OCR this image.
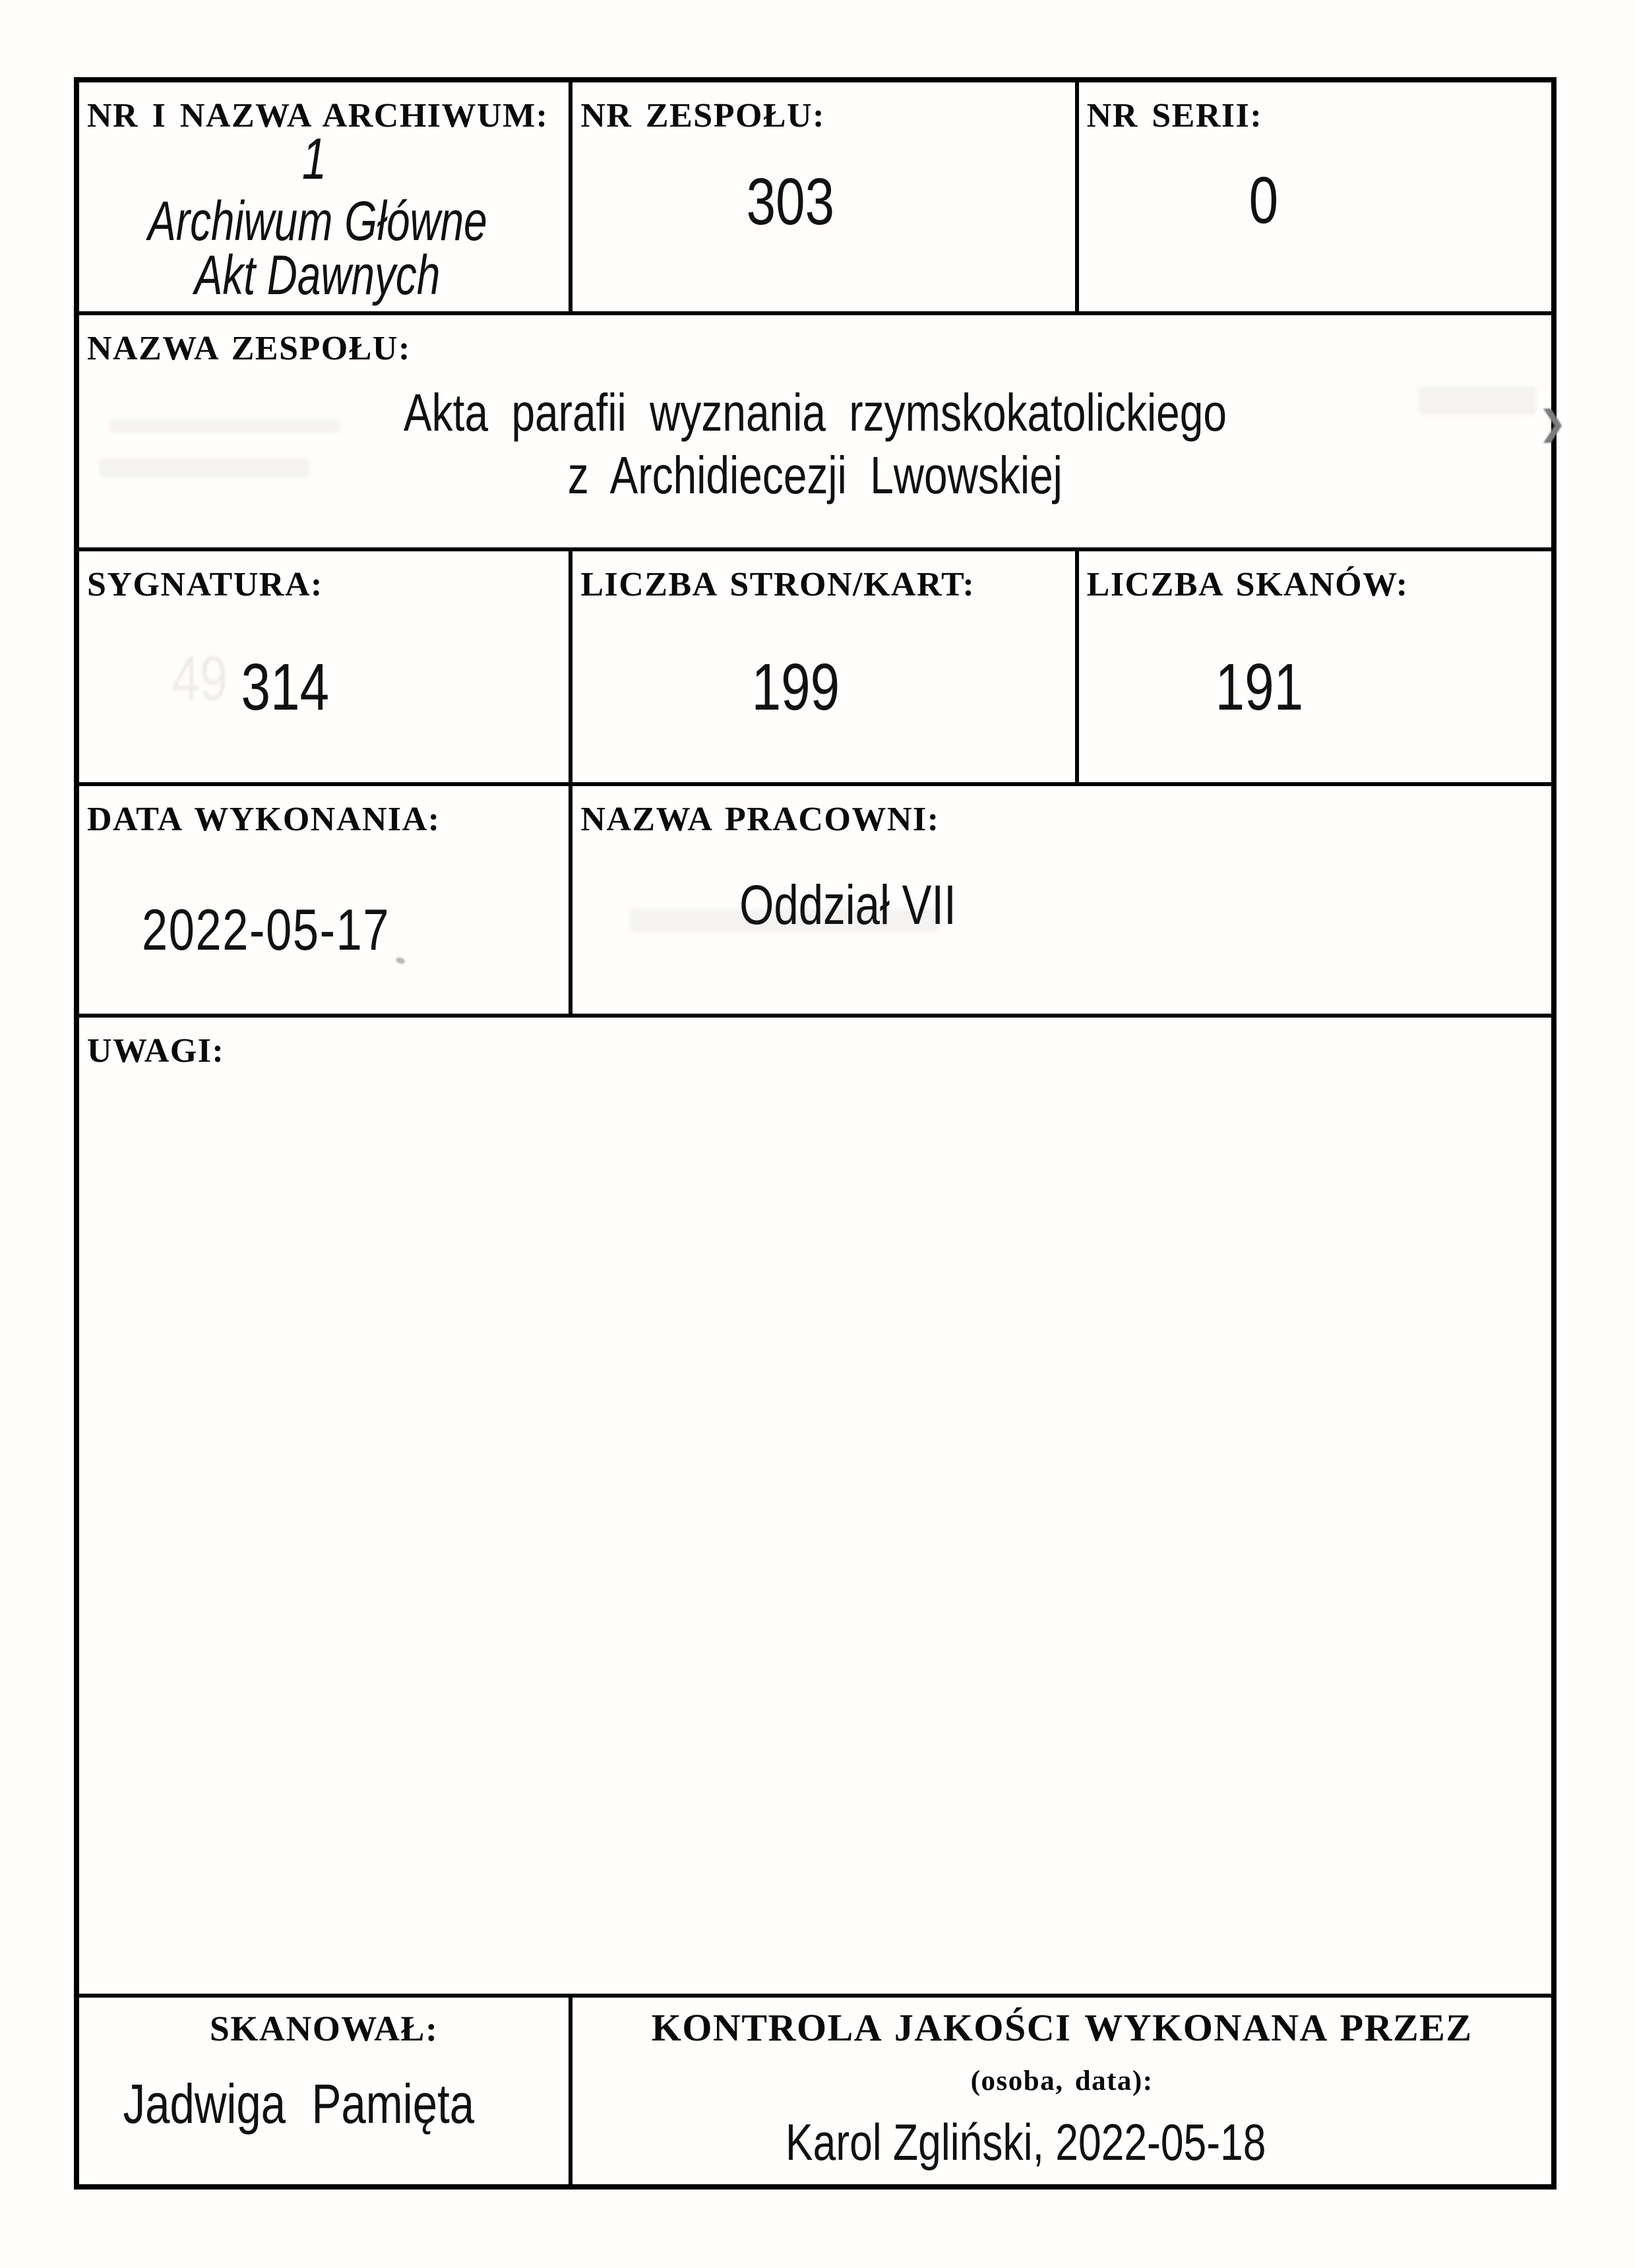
NR I NAZWA ARCHIWUM:
1
Archiwum Główne
Akt Dawnych
NR ZESPOŁU:
303
NR SERII:
0
NAZWA ZESPOŁU:
Akta parafii wyznania rzymskokatolickiego
z Archidiecezji Lwowskiej
SYGNATURA:
314
LICZBA STRON/KART:
199
LICZBA SKANÓW:
191
DATA WYKONANIA:
2022-05-17
NAZWA PRACOWNI:
Oddział VII
UWAGI:
SKANOWAŁ:
Jadwiga Pamięta
KONTROLA JAKOŚCI WYKONANA PRZEZ
(osoba, data):
Karol Zgliński, 2022-05-18
49
❯
